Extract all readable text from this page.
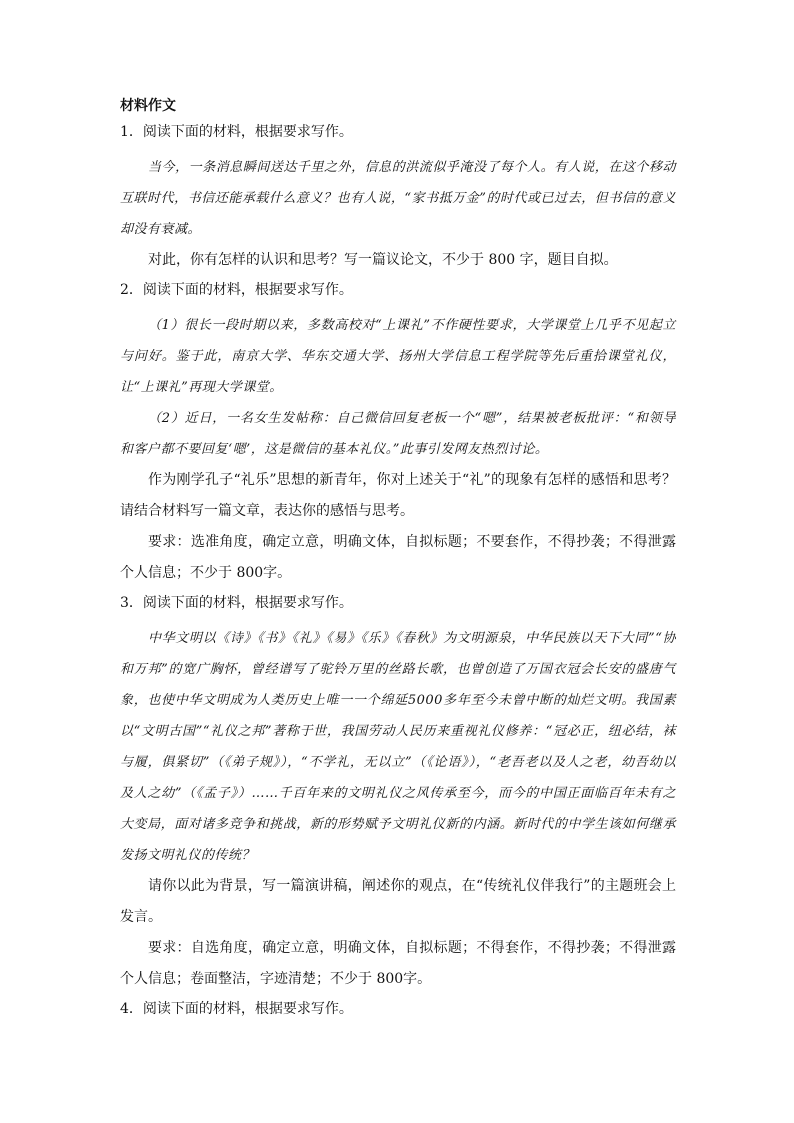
材料作文
1．阅读下面的材料，根据要求写作。

当今，一条消息瞬间送达千里之外，信息的洪流似乎淹没了每个人。有人说，在这个移动互联时代，书信还能承载什么意义？也有人说，“家书抵万金”的时代或已过去，但书信的意义却没有衰减。

对此，你有怎样的认识和思考？写一篇议论文，不少于 800 字，题目自拟。

2．阅读下面的材料，根据要求写作。

（1）很长一段时期以来，多数高校对“上课礼”不作硬性要求，大学课堂上几乎不见起立与问好。鉴于此，南京大学、华东交通大学、扬州大学信息工程学院等先后重拾课堂礼仪，让“上课礼”再现大学课堂。

（2）近日，一名女生发帖称：自己微信回复老板一个“嗯”，结果被老板批评：“和领导和客户都不要回复‘嗯’，这是微信的基本礼仪。”此事引发网友热烈讨论。

作为刚学孔子“礼乐”思想的新青年，你对上述关于“礼”的现象有怎样的感悟和思考？请结合材料写一篇文章，表达你的感悟与思考。

要求：选准角度，确定立意，明确文体，自拟标题；不要套作，不得抄袭；不得泄露个人信息；不少于 800字。

3．阅读下面的材料，根据要求写作。

中华文明以《诗》《书》《礼》《易》《乐》《春秋》为文明源泉，中华民族以天下大同”“协和万邦”的宽广胸怀，曾经谱写了驼铃万里的丝路长歌，也曾创造了万国衣冠会长安的盛唐气象，也使中华文明成为人类历史上唯一一个绵延5000多年至今未曾中断的灿烂文明。我国素以“文明古国”“礼仪之邦”著称于世，我国劳动人民历来重视礼仪修养：“冠必正，纽必结，袜与履，俱紧切”（《弟子规》），“不学礼，无以立”（《论语》），“老吾老以及人之老，幼吾幼以及人之幼”（《孟子》）……千百年来的文明礼仪之风传承至今，而今的中国正面临百年未有之大变局，面对诸多竞争和挑战，新的形势赋予文明礼仪新的内涵。新时代的中学生该如何继承发扬文明礼仪的传统？

请你以此为背景，写一篇演讲稿，阐述你的观点，在“传统礼仪伴我行”的主题班会上发言。

要求：自选角度，确定立意，明确文体，自拟标题；不得套作，不得抄袭；不得泄露个人信息；卷面整洁，字迹清楚；不少于 800字。

4．阅读下面的材料，根据要求写作。
